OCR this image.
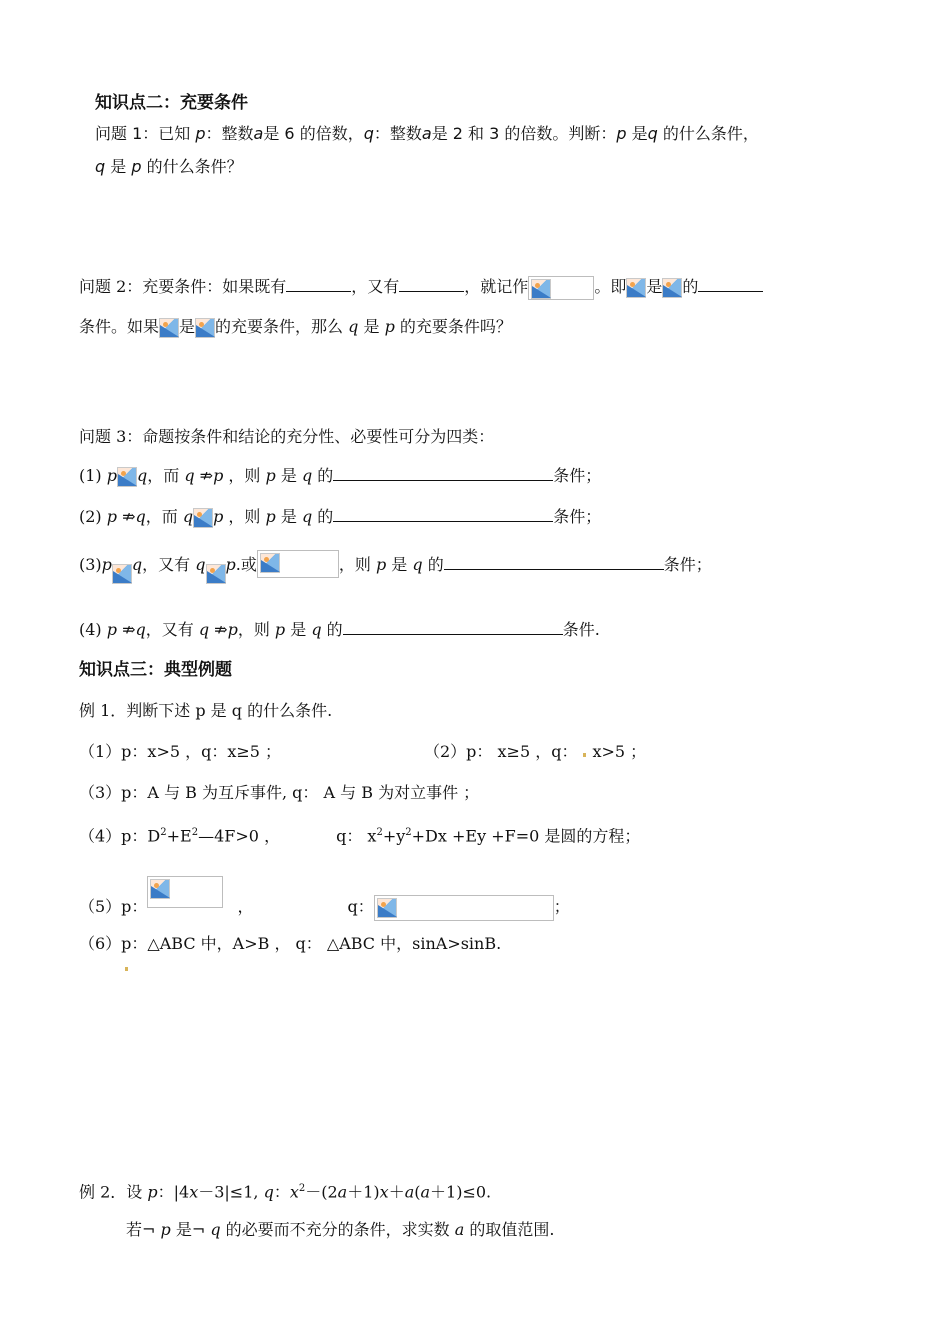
知识点二：充要条件
问题 1：已知 p：整数a是 6 的倍数，q：整数a是 2 和 3 的倍数。判断：p 是q 的什么条件，
q 是 p 的什么条件？
问题 2：充要条件：如果既有	，又有	，就记作	。即 是 的
条件。如果 是 的充要条件，那么 q 是 p 的充要条件吗？
问题 3：命题按条件和结论的充分性、必要性可分为四类：
(1) p q，而 q ⇏p ，则 p 是 q 的	条件；
(2) p ⇏q，而 q p ，则 p 是 q 的	条件；
(3)p q，又有 q p.或	，则 p 是 q 的	条件；
(4) p ⇏q，又有 q ⇏p，则 p 是 q 的	条件.
知识点三：典型例题
例 1．判断下述 p 是 q 的什么条件.
（1）p：x>5 ，q：x≥5 ；	（2）p： x≥5 ，q： x>5 ；
（3）p：A 与 B 为互斥事件, q： A 与 B 为对立事件 ；
（4）p：$D^2+E^2—4F>0$ ，	q： $x^2+y^2+Dx +Ey +F=0$ 是圆的方程；
（5）p：	，	q：	；
（6）p：△ABC 中，A>B ， q： △ABC 中，sinA>sinB.
例 2．设 p：|4x－3|≤1, q：$x^2-(2a+1)x+a(a+1)\le 0$.
若¬ p 是¬ q 的必要而不充分的条件，求实数 a 的取值范围.
